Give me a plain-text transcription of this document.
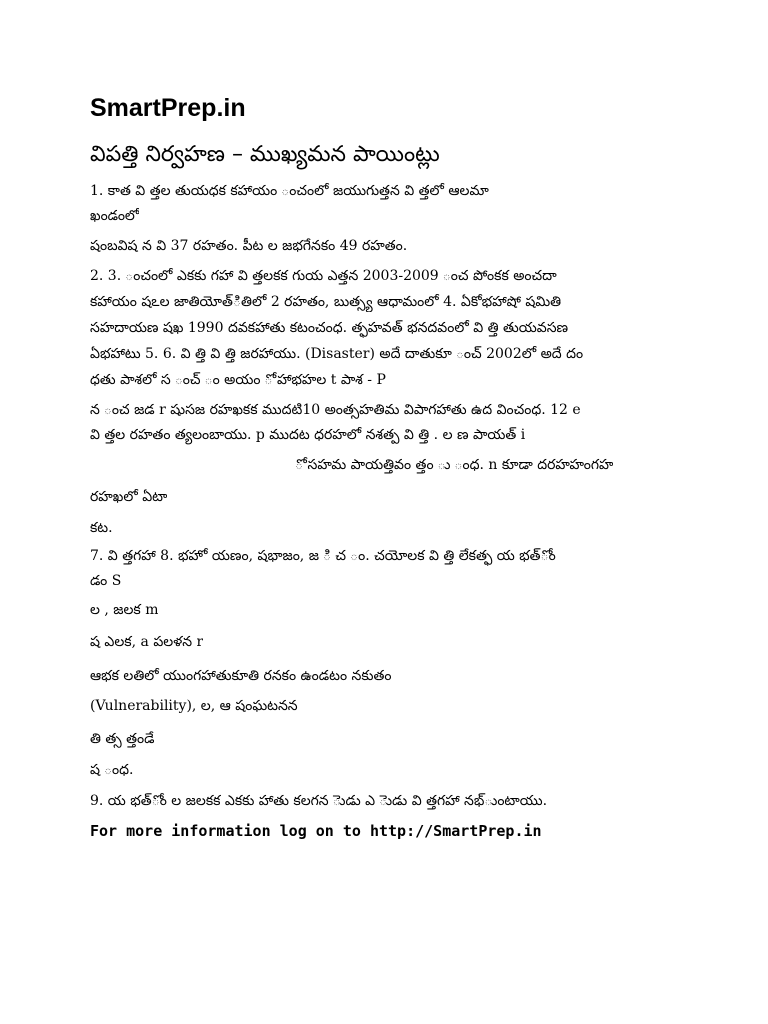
SmartPrep.in
విపత్తి నిర్వహణ – ముఖ్యమన పాయింట్లు
1. కాత వి త్తల తుయధక కహాయం ంచంలో జయుగుత్తన వి త్తలో ఆలమా
ఖండంలో
షంబవిష న వి 37 రహతం. పీట ల జభగేనకం 49 రహతం.
2. 3. ంచంలో ఎకకు గహా వి త్తలకక గుయ ఎత్తన 2003-2009 ంచ పోంకక అంచదా
కహాయం షఽల జాతియోత్ితిలో 2 రహతం, బుత్స్య ఆధామంలో 4. ఏకోభహాషో షమితి
సహదాయణ షఖ 1990 దవకహాతు కటంచంధ. త్ఫహవత్ భనదవంలో వి త్తి తుయవసణ
ఏభహాటు 5. 6. వి త్తి వి త్తి జరహాయు. (Disaster) అదే దాతుకూ ంచ్ 2002లో అదే దం
ధతు పాశలో స ంచ్ ం అయం ో హాభహల t పాశ - P
న ంచ జడ r షుసజ రహఖకక ముదటి10 అంత్సహతిమ విపాగహాతు ఉద వించంధ. 12 e
వి త్తల రహతం త్యలంబాయు. p ముదట ధరహలో నశత్ప వి త్తి . ల ణ పాయత్ i
ో సహమ పాయత్తివం త్తం ు ంధ. n కూడా దరహహంగహ
రహఖలో ఏటా
కట.
7. వి త్తగహా 8. భహో యణం, షభాజం, జ ి చ ం. చయోలక వి త్తి లేకత్ఫ య భత్ోం
డం S
ల , జలక m
ష ఎలక, a పలళన r
ఆభక లతిలో యుంగహాతుకూతి రనకం ఉండటం నకుతం
(Vulnerability), ల, ఆ షంఘటనన
తి త్స త్తండే
ష ంధ.
9. య భత్ోం ల జలకక ఎకకు హాతు కలగన ెుడు ఎ ెుడు వి త్తగహా నభ్ుంటాయు.
For more information log on to http://SmartPrep.in
